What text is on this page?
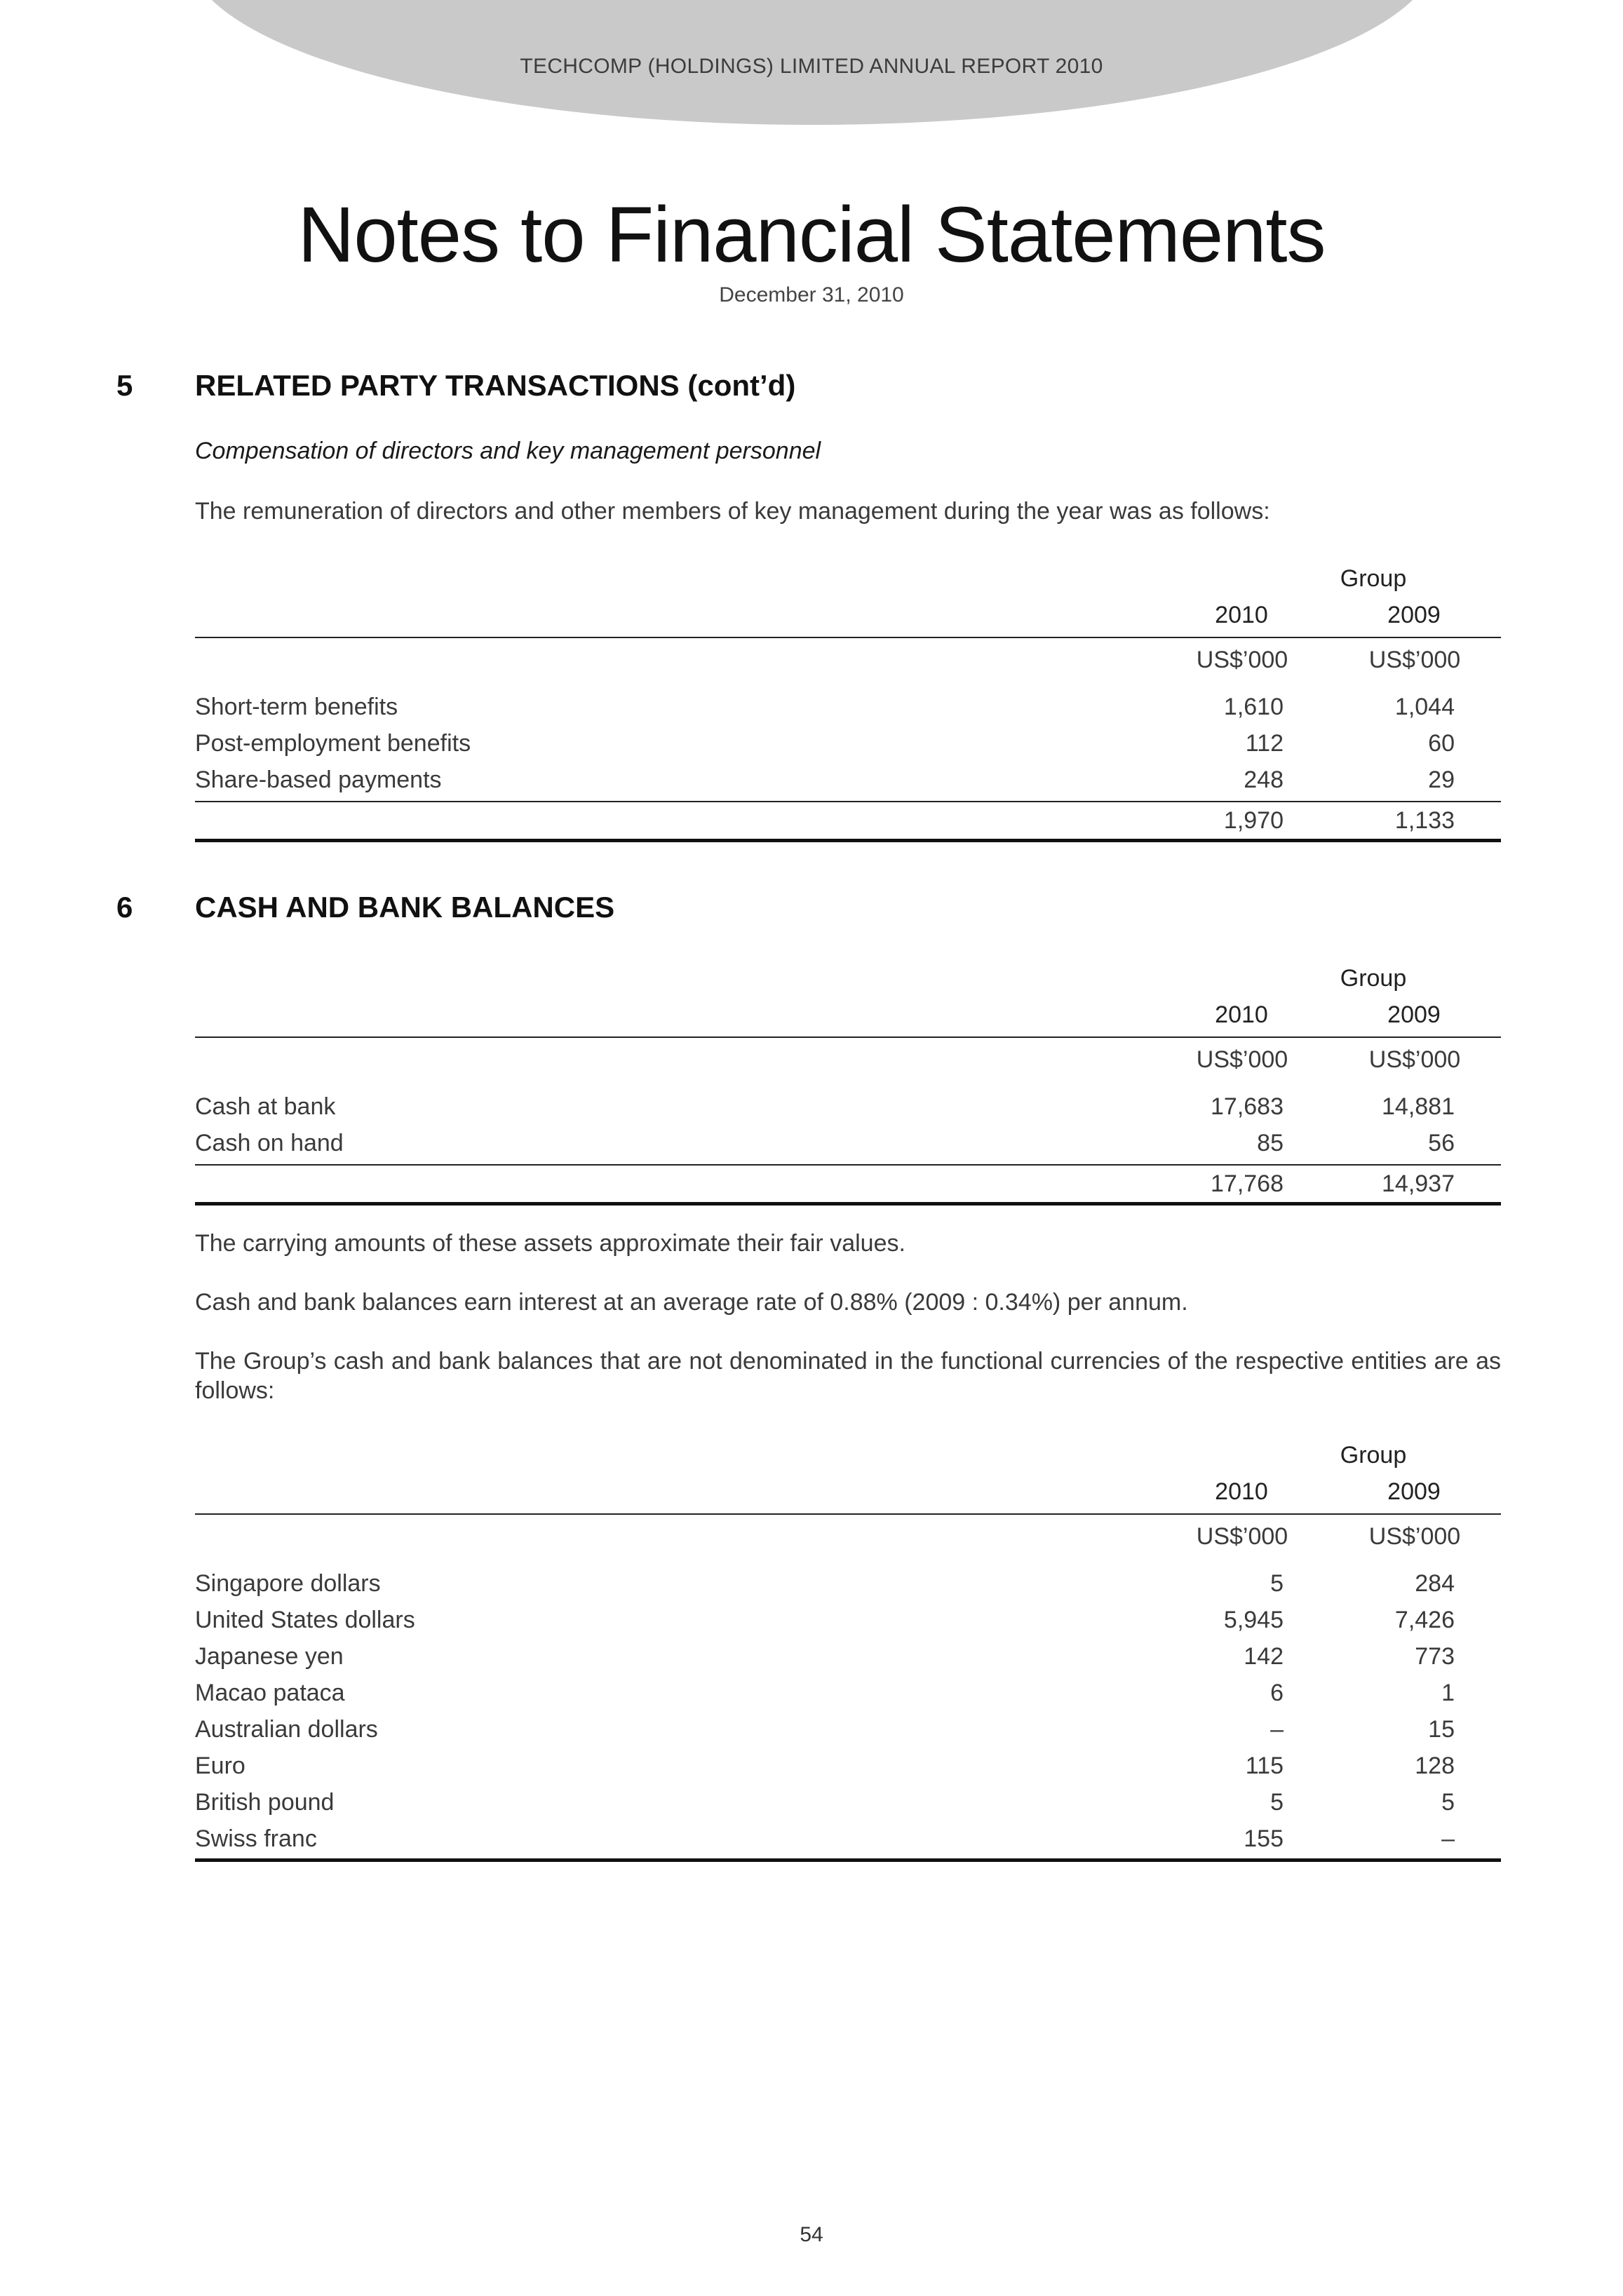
TECHCOMP (HOLDINGS) LIMITED ANNUAL REPORT 2010
Notes to Financial Statements
December 31, 2010
5 RELATED PARTY TRANSACTIONS (cont’d)
Compensation of directors and key management personnel
The remuneration of directors and other members of key management during the year was as follows:
Group
2010	2009
US$’000	US$’000
Short-term benefits	1,610	1,044
Post-employment benefits	112	60
Share-based payments	248	29
1,970	1,133
6 CASH AND BANK BALANCES
Group
2010	2009
US$’000	US$’000
Cash at bank	17,683	14,881
Cash on hand	85	56
17,768	14,937
The carrying amounts of these assets approximate their fair values.
Cash and bank balances earn interest at an average rate of 0.88% (2009 : 0.34%) per annum.
The Group’s cash and bank balances that are not denominated in the functional currencies of the respective entities are as follows:
Group
2010	2009
US$’000	US$’000
Singapore dollars	5	284
United States dollars	5,945	7,426
Japanese yen	142	773
Macao pataca	6	1
Australian dollars	–	15
Euro	115	128
British pound	5	5
Swiss franc	155	–
54
